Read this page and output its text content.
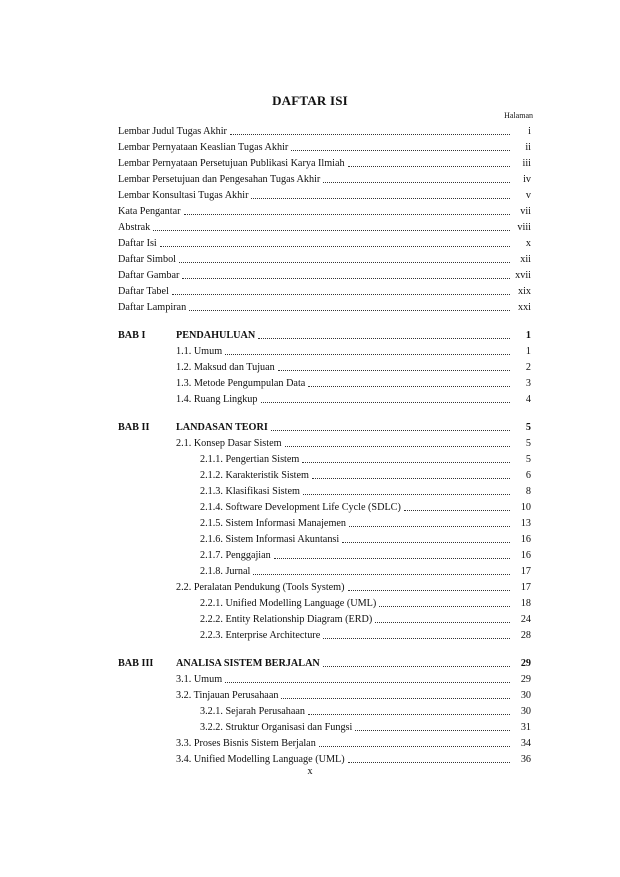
DAFTAR ISI
Halaman
Lembar Judul Tugas Akhir	i
Lembar Pernyataan Keaslian Tugas Akhir	ii
Lembar Pernyataan Persetujuan Publikasi Karya Ilmiah	iii
Lembar Persetujuan dan Pengesahan Tugas Akhir	iv
Lembar Konsultasi Tugas Akhir	v
Kata Pengantar	vii
Abstrak	viii
Daftar Isi	x
Daftar Simbol	xii
Daftar Gambar	xvii
Daftar Tabel	xix
Daftar Lampiran	xxi
BAB I	PENDAHULUAN	1
1.1. Umum	1
1.2. Maksud dan Tujuan	2
1.3. Metode Pengumpulan Data	3
1.4. Ruang Lingkup	4
BAB II	LANDASAN TEORI	5
2.1. Konsep Dasar Sistem	5
2.1.1. Pengertian Sistem	5
2.1.2. Karakteristik Sistem	6
2.1.3. Klasifikasi Sistem	8
2.1.4. Software Development Life Cycle (SDLC)	10
2.1.5. Sistem Informasi Manajemen	13
2.1.6. Sistem Informasi Akuntansi	16
2.1.7. Penggajian	16
2.1.8. Jurnal	17
2.2. Peralatan Pendukung (Tools System)	17
2.2.1. Unified Modelling Language (UML)	18
2.2.2. Entity Relationship Diagram (ERD)	24
2.2.3. Enterprise Architecture	28
BAB III	ANALISA SISTEM BERJALAN	29
3.1. Umum	29
3.2. Tinjauan Perusahaan	30
3.2.1. Sejarah Perusahaan	30
3.2.2. Struktur Organisasi dan Fungsi	31
3.3. Proses Bisnis Sistem Berjalan	34
3.4. Unified Modelling Language (UML)	36
x
